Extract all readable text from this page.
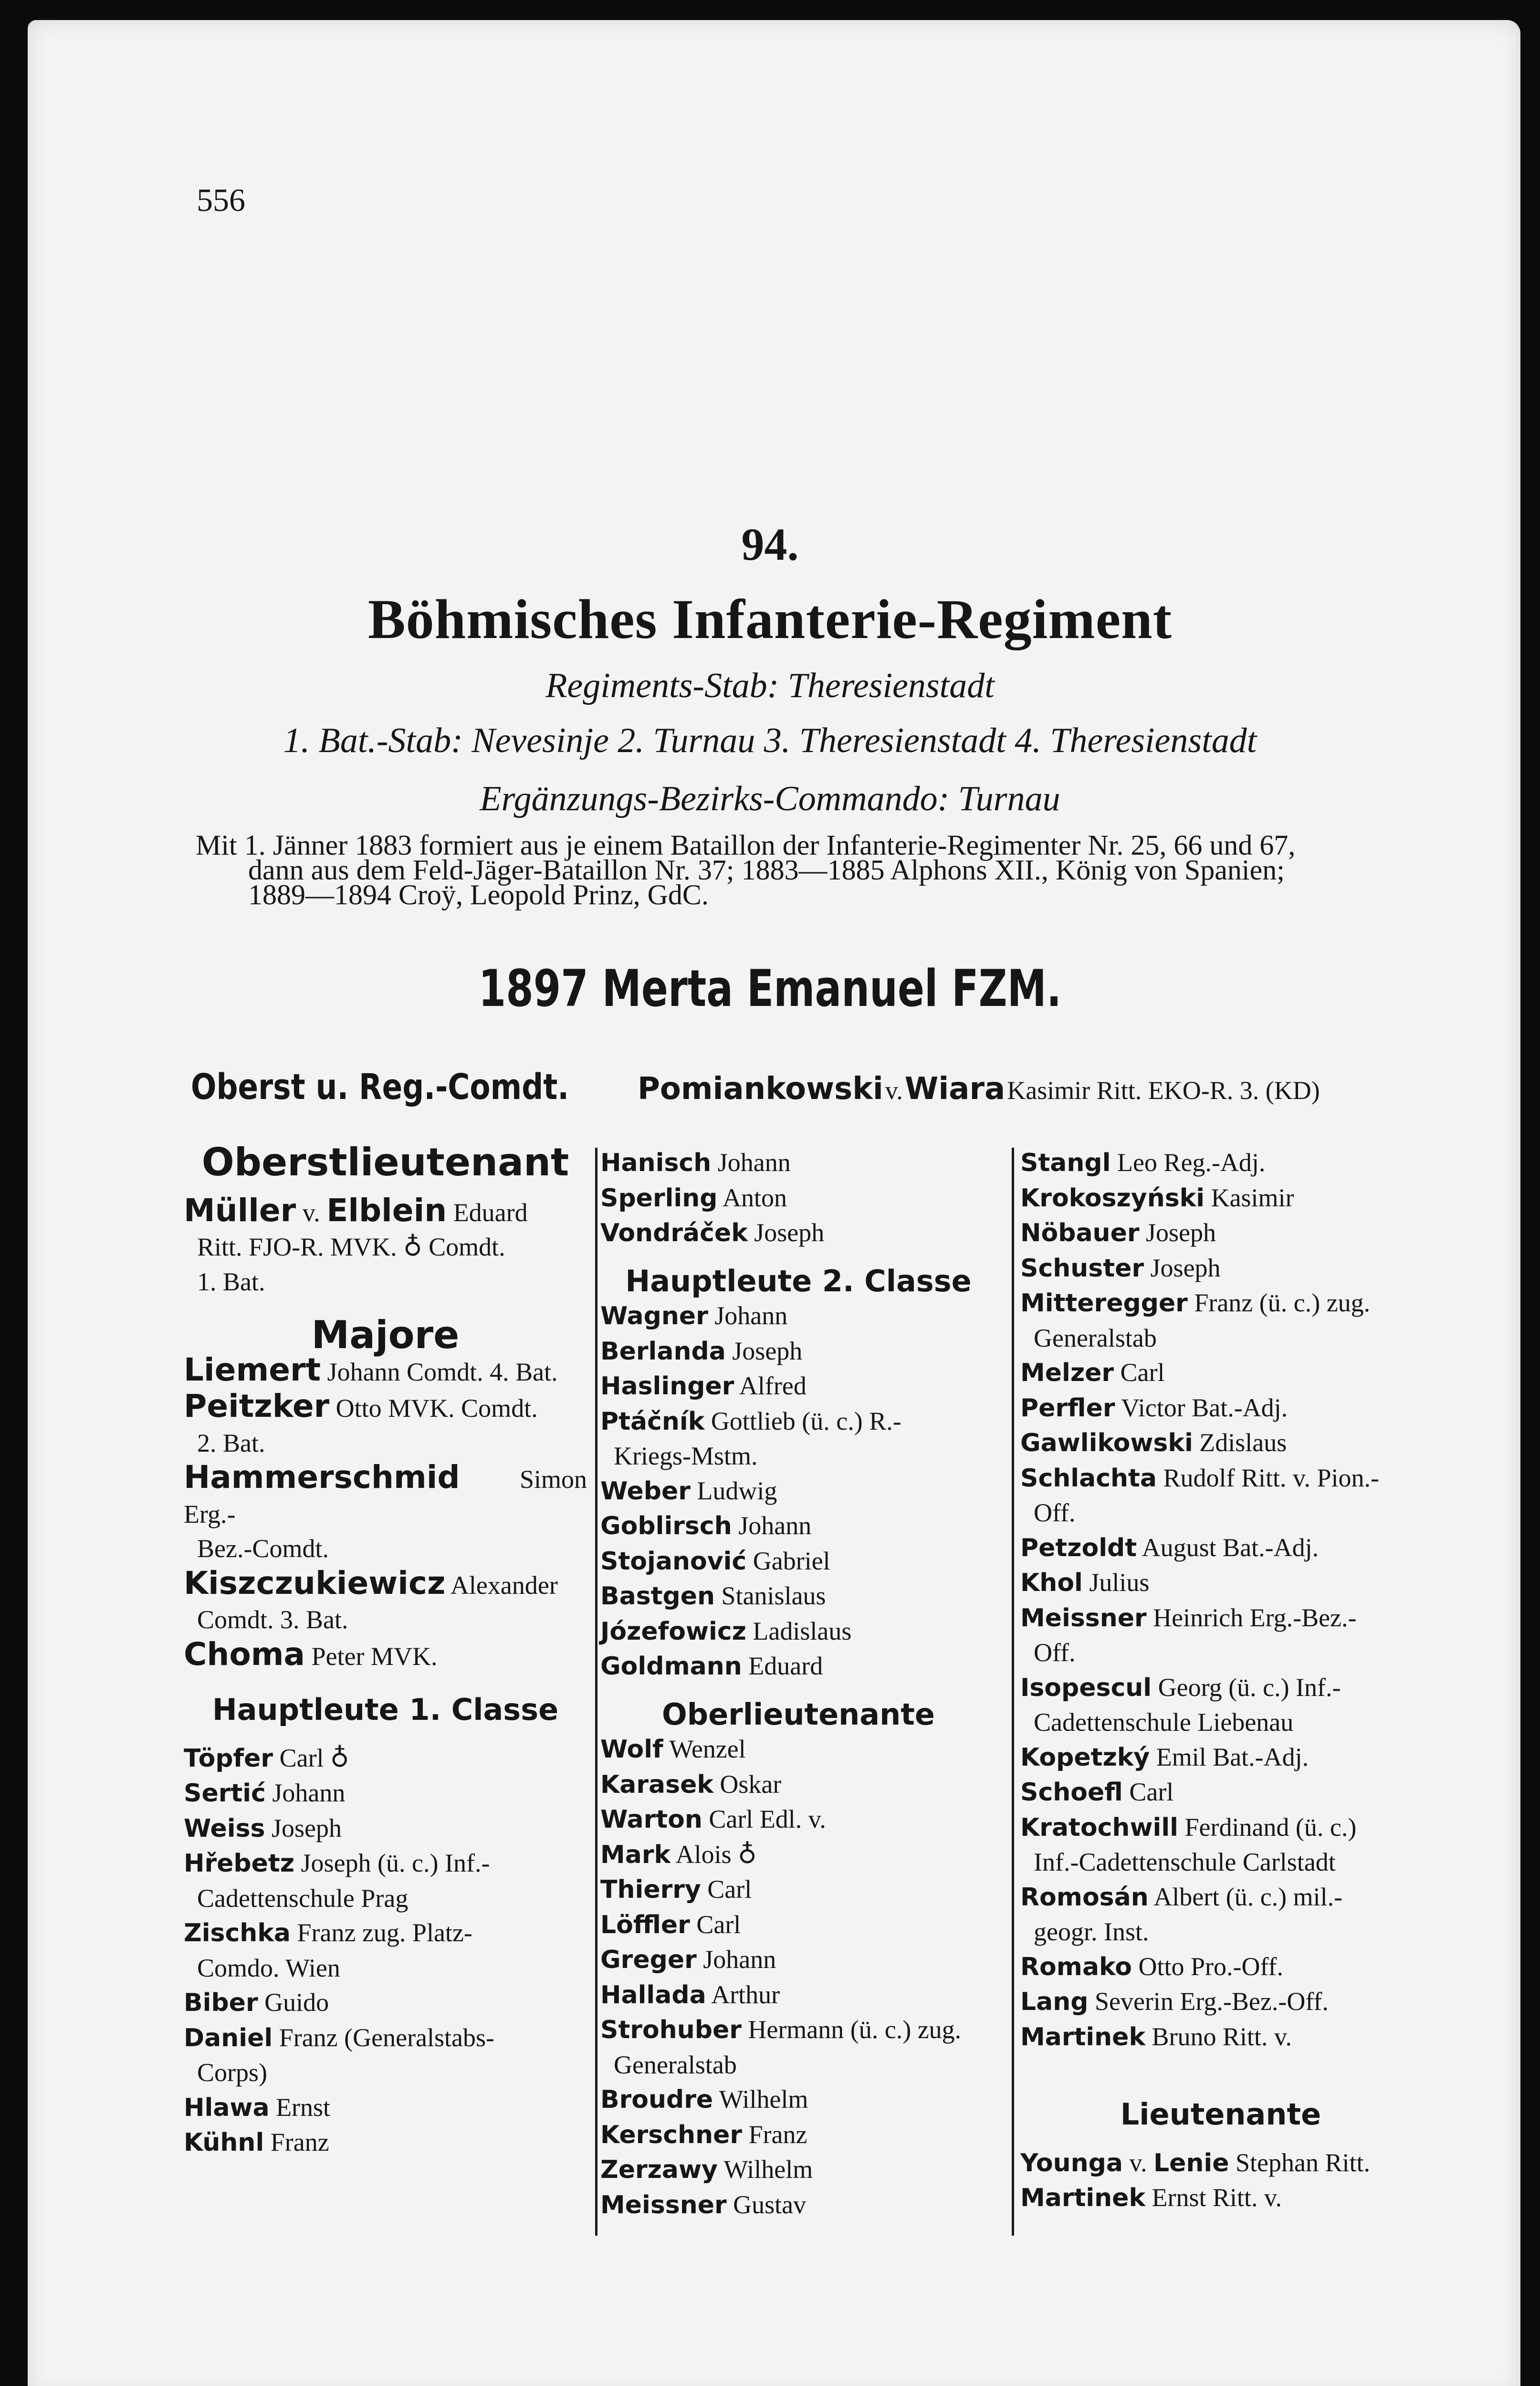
556
94.
Böhmisches Infanterie-Regiment
Regiments-Stab: Theresienstadt
1. Bat.-Stab: Nevesinje 2. Turnau 3. Theresienstadt 4. Theresienstadt
Ergänzungs-Bezirks-Commando: Turnau
Mit 1. Jänner 1883 formiert aus je einem Bataillon der Infanterie-Regimenter Nr. 25, 66 und 67,
dann aus dem Feld-Jäger-Bataillon Nr. 37; 1883—1885 Alphons XII., König von Spanien;
1889—1894 Croÿ, Leopold Prinz, GdC.
1897 Merta Emanuel FZM.
Oberst u. Reg.-Comdt. Pomiankowski v. Wiara Kasimir Ritt. EKO-R. 3. (KD)
Oberstlieutenant
Müller v. Elblein Eduard
Ritt. FJO-R. MVK. ♁ Comdt.
1. Bat.
Majore
Liemert Johann Comdt. 4. Bat.
Peitzker Otto MVK. Comdt.
2. Bat.
Hammerschmid Simon Erg.-
Bez.-Comdt.
Kiszczukiewicz Alexander
Comdt. 3. Bat.
Choma Peter MVK.
Hauptleute 1. Classe
Töpfer Carl ♁
Sertić Johann
Weiss Joseph
Hřebetz Joseph (ü. c.) Inf.-
Cadettenschule Prag
Zischka Franz zug. Platz-
Comdo. Wien
Biber Guido
Daniel Franz (Generalstabs-
Corps)
Hlawa Ernst
Kühnl Franz
Hanisch Johann
Sperling Anton
Vondráček Joseph
Hauptleute 2. Classe
Wagner Johann
Berlanda Joseph
Haslinger Alfred
Ptáčník Gottlieb (ü. c.) R.-
Kriegs-Mstm.
Weber Ludwig
Goblirsch Johann
Stojanović Gabriel
Bastgen Stanislaus
Józefowicz Ladislaus
Goldmann Eduard
Oberlieutenante
Wolf Wenzel
Karasek Oskar
Warton Carl Edl. v.
Mark Alois ♁
Thierry Carl
Löffler Carl
Greger Johann
Hallada Arthur
Strohuber Hermann (ü. c.) zug.
Generalstab
Broudre Wilhelm
Kerschner Franz
Zerzawy Wilhelm
Meissner Gustav
Stangl Leo Reg.-Adj.
Krokoszyński Kasimir
Nöbauer Joseph
Schuster Joseph
Mitteregger Franz (ü. c.) zug.
Generalstab
Melzer Carl
Perfler Victor Bat.-Adj.
Gawlikowski Zdislaus
Schlachta Rudolf Ritt. v. Pion.-
Off.
Petzoldt August Bat.-Adj.
Khol Julius
Meissner Heinrich Erg.-Bez.-
Off.
Isopescul Georg (ü. c.) Inf.-
Cadettenschule Liebenau
Kopetzký Emil Bat.-Adj.
Schoefl Carl
Kratochwill Ferdinand (ü. c.)
Inf.-Cadettenschule Carlstadt
Romosán Albert (ü. c.) mil.-
geogr. Inst.
Romako Otto Pro.-Off.
Lang Severin Erg.-Bez.-Off.
Martinek Bruno Ritt. v.
Lieutenante
Younga v. Lenie Stephan Ritt.
Martinek Ernst Ritt. v.
